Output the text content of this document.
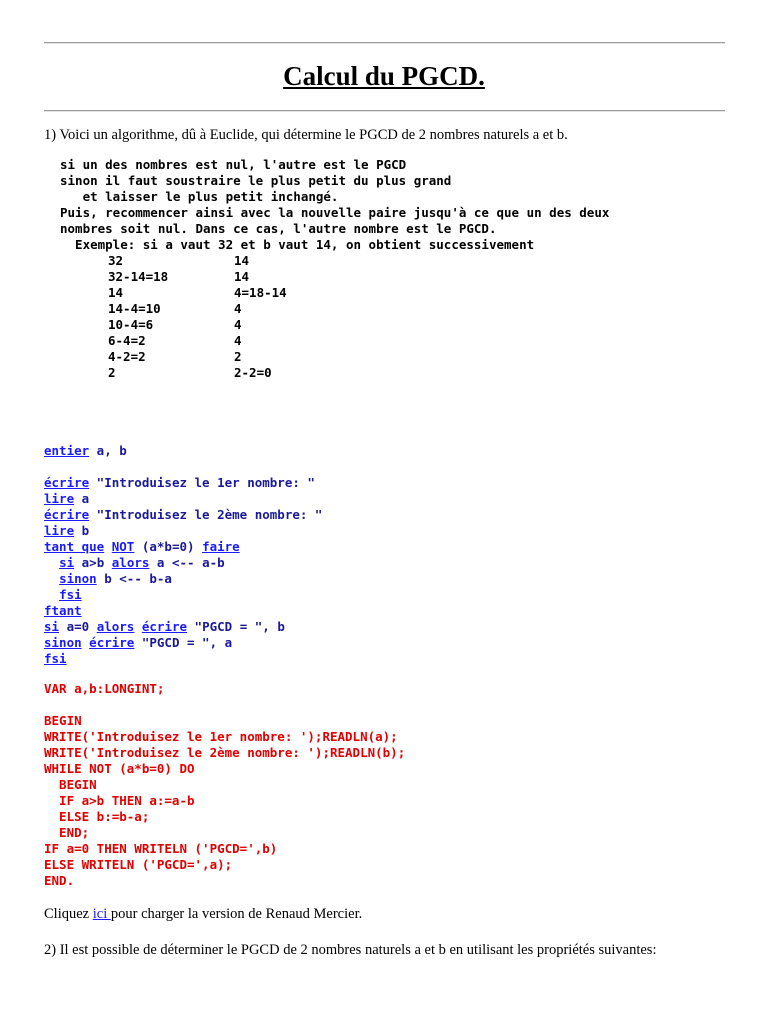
Calcul du PGCD.

1) Voici un algorithme, dû à Euclide, qui détermine le PGCD de 2 nombres naturels a et b.

si un des nombres est nul, l'autre est le PGCD
sinon il faut soustraire le plus petit du plus grand
et laisser le plus petit inchangé.
Puis, recommencer ainsi avec la nouvelle paire jusqu'à ce que un des deux
nombres soit nul. Dans ce cas, l'autre nombre est le PGCD.
Exemple: si a vaut 32 et b vaut 14, on obtient successivement
32	14
32-14=18	14
14	4=18-14
14-4=10	4
10-4=6	4
6-4=2	4
4-2=2	2
2	2-2=0
entier a, b
écrire "Introduisez le 1er nombre: "
lire a
écrire "Introduisez le 2ème nombre: "
lire b
tant que NOT (a*b=0) faire
si a>b alors a <-- a-b
sinon b <-- b-a
fsi
ftant
si a=0 alors écrire "PGCD = ", b
sinon écrire "PGCD = ", a
fsi
VAR a,b:LONGINT;
BEGIN
WRITE('Introduisez le 1er nombre: ');READLN(a);
WRITE('Introduisez le 2ème nombre: ');READLN(b);
WHILE NOT (a*b=0) DO
BEGIN
IF a>b THEN a:=a-b
ELSE b:=b-a;
END;
IF a=0 THEN WRITELN ('PGCD=',b)
ELSE WRITELN ('PGCD=',a);
END.

Cliquez ici pour charger la version de Renaud Mercier.

2) Il est possible de déterminer le PGCD de 2 nombres naturels a et b en utilisant les propriétés suivantes:
